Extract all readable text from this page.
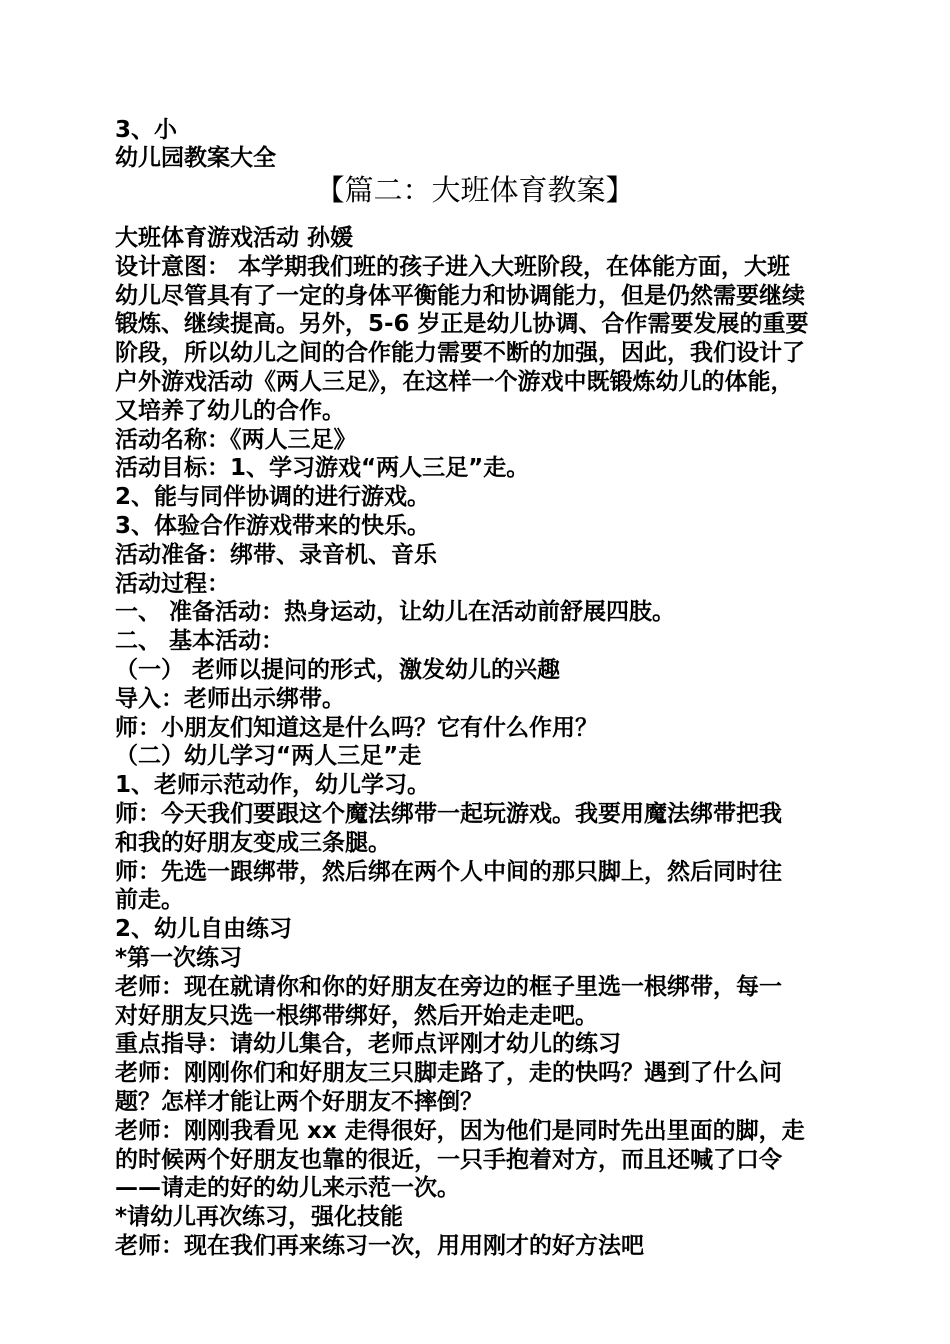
3、小
幼儿园教案大全
【篇二：大班体育教案】
大班体育游戏活动 孙媛
设计意图： 本学期我们班的孩子进入大班阶段，在体能方面，大班
幼儿尽管具有了一定的身体平衡能力和协调能力，但是仍然需要继续
锻炼、继续提高。另外，5-6 岁正是幼儿协调、合作需要发展的重要
阶段，所以幼儿之间的合作能力需要不断的加强，因此，我们设计了
户外游戏活动《两人三足》，在这样一个游戏中既锻炼幼儿的体能，
又培养了幼儿的合作。
活动名称：《两人三足》
活动目标：1、学习游戏“两人三足”走。
2、能与同伴协调的进行游戏。
3、体验合作游戏带来的快乐。
活动准备：绑带、录音机、音乐
活动过程：
一、 准备活动：热身运动，让幼儿在活动前舒展四肢。
二、 基本活动：
（一） 老师以提问的形式，激发幼儿的兴趣
导入：老师出示绑带。
师：小朋友们知道这是什么吗？它有什么作用？
（二）幼儿学习“两人三足”走
1、老师示范动作，幼儿学习。
师：今天我们要跟这个魔法绑带一起玩游戏。我要用魔法绑带把我
和我的好朋友变成三条腿。
师：先选一跟绑带，然后绑在两个人中间的那只脚上，然后同时往
前走。
2、幼儿自由练习
*第一次练习
老师：现在就请你和你的好朋友在旁边的框子里选一根绑带，每一
对好朋友只选一根绑带绑好，然后开始走走吧。
重点指导：请幼儿集合，老师点评刚才幼儿的练习
老师：刚刚你们和好朋友三只脚走路了，走的快吗？遇到了什么问
题？怎样才能让两个好朋友不摔倒？
老师：刚刚我看见 xx 走得很好，因为他们是同时先出里面的脚，走
的时候两个好朋友也靠的很近，一只手抱着对方，而且还喊了口令
——请走的好的幼儿来示范一次。
*请幼儿再次练习，强化技能
老师：现在我们再来练习一次，用用刚才的好方法吧
